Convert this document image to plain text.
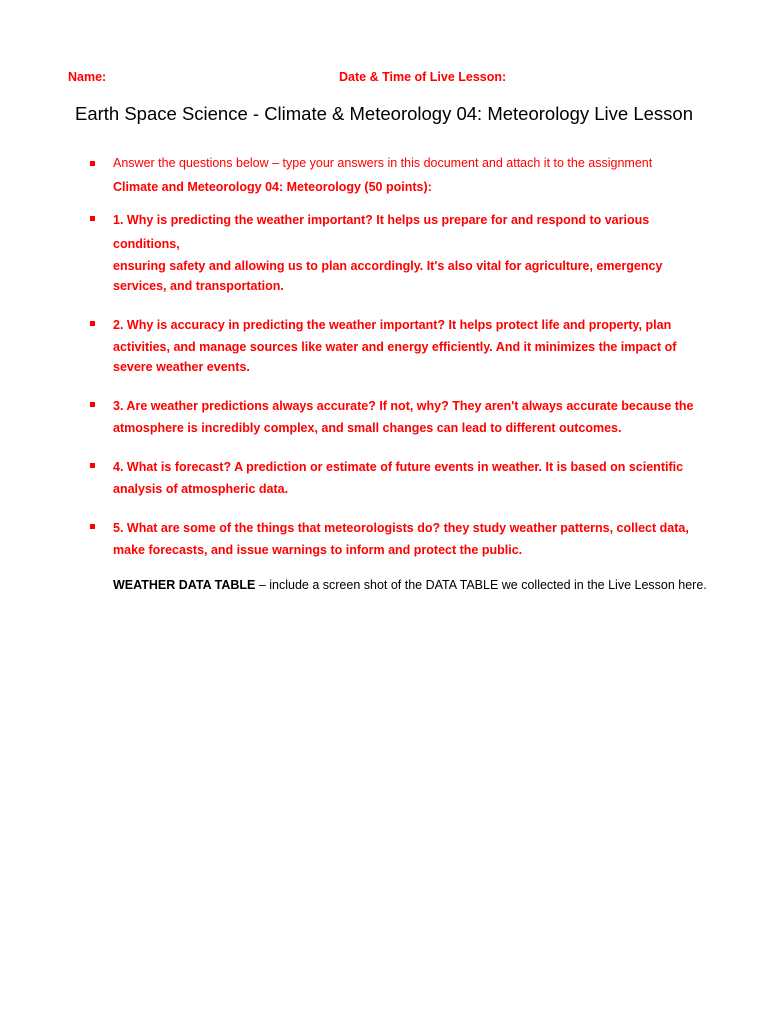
Name:	Date & Time of Live Lesson:
Earth Space Science - Climate & Meteorology 04: Meteorology Live Lesson
Answer the questions below – type your answers in this document and attach it to the assignment
Climate and Meteorology 04: Meteorology (50 points):
1. Why is predicting the weather important? It helps us prepare for and respond to various conditions,
ensuring safety and allowing us to plan accordingly. It's also vital for agriculture, emergency services, and transportation.
2. Why is accuracy in predicting the weather important? It helps protect life and property, plan
activities, and manage sources like water and energy efficiently. And it minimizes the impact of severe weather events.
3. Are weather predictions always accurate? If not, why? They aren't always accurate because the
atmosphere is incredibly complex, and small changes can lead to different outcomes.
4. What is forecast? A prediction or estimate of future events in weather. It is based on scientific
analysis of atmospheric data.
5. What are some of the things that meteorologists do? they study weather patterns, collect data,
make forecasts, and issue warnings to inform and protect the public.
WEATHER DATA TABLE – include a screen shot of the DATA TABLE we collected in the Live Lesson here.
